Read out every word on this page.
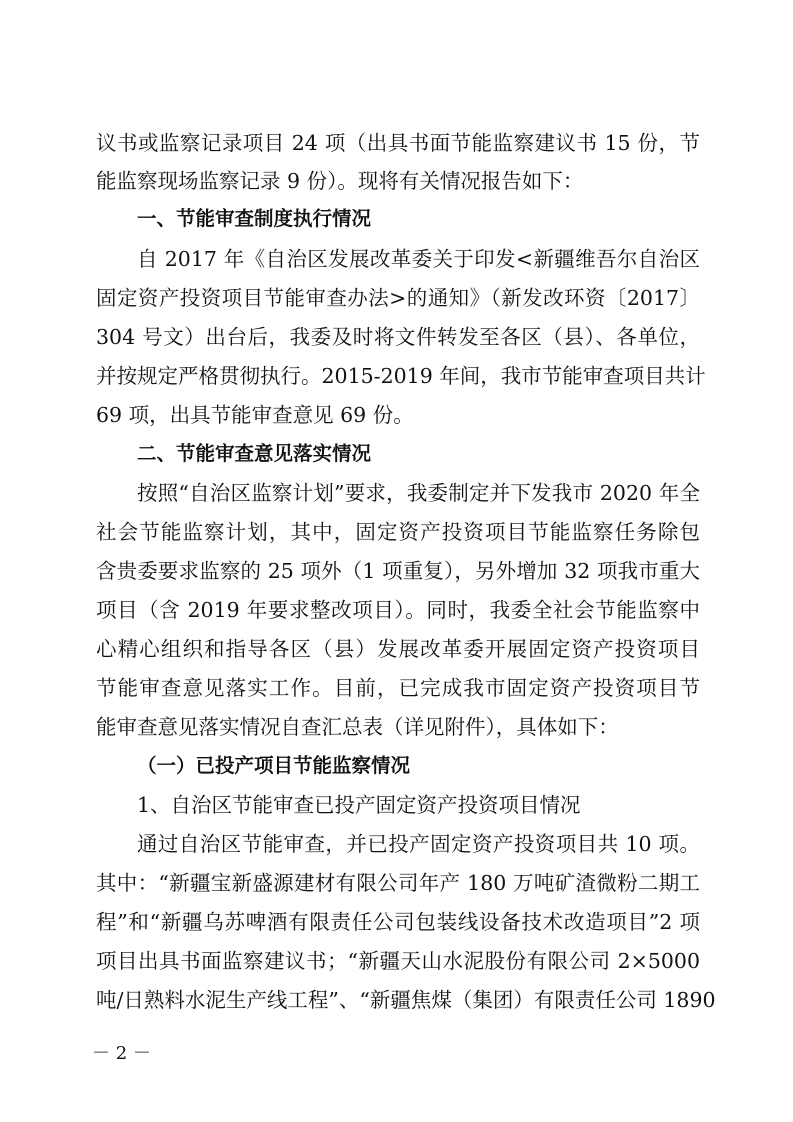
议书或监察记录项目 24 项（出具书面节能监察建议书 15 份，节
能监察现场监察记录 9 份）。现将有关情况报告如下：
一、节能审查制度执行情况
自 2017 年《自治区发展改革委关于印发<新疆维吾尔自治区
固定资产投资项目节能审查办法>的通知》（新发改环资〔2017〕
304 号文）出台后，我委及时将文件转发至各区（县）、各单位，
并按规定严格贯彻执行。2015-2019 年间，我市节能审查项目共计
69 项，出具节能审查意见 69 份。
二、节能审查意见落实情况
按照“自治区监察计划”要求，我委制定并下发我市 2020 年全
社会节能监察计划，其中，固定资产投资项目节能监察任务除包
含贵委要求监察的 25 项外（1 项重复），另外增加 32 项我市重大
项目（含 2019 年要求整改项目）。同时，我委全社会节能监察中
心精心组织和指导各区（县）发展改革委开展固定资产投资项目
节能审查意见落实工作。目前，已完成我市固定资产投资项目节
能审查意见落实情况自查汇总表（详见附件），具体如下：
（一）已投产项目节能监察情况
1、自治区节能审查已投产固定资产投资项目情况
通过自治区节能审查，并已投产固定资产投资项目共 10 项。
其中：“新疆宝新盛源建材有限公司年产 180 万吨矿渣微粉二期工
程”和“新疆乌苏啤酒有限责任公司包装线设备技术改造项目”2 项
项目出具书面监察建议书；“新疆天山水泥股份有限公司 2×5000
吨/日熟料水泥生产线工程”、“新疆焦煤（集团）有限责任公司 1890
－ 2 －
